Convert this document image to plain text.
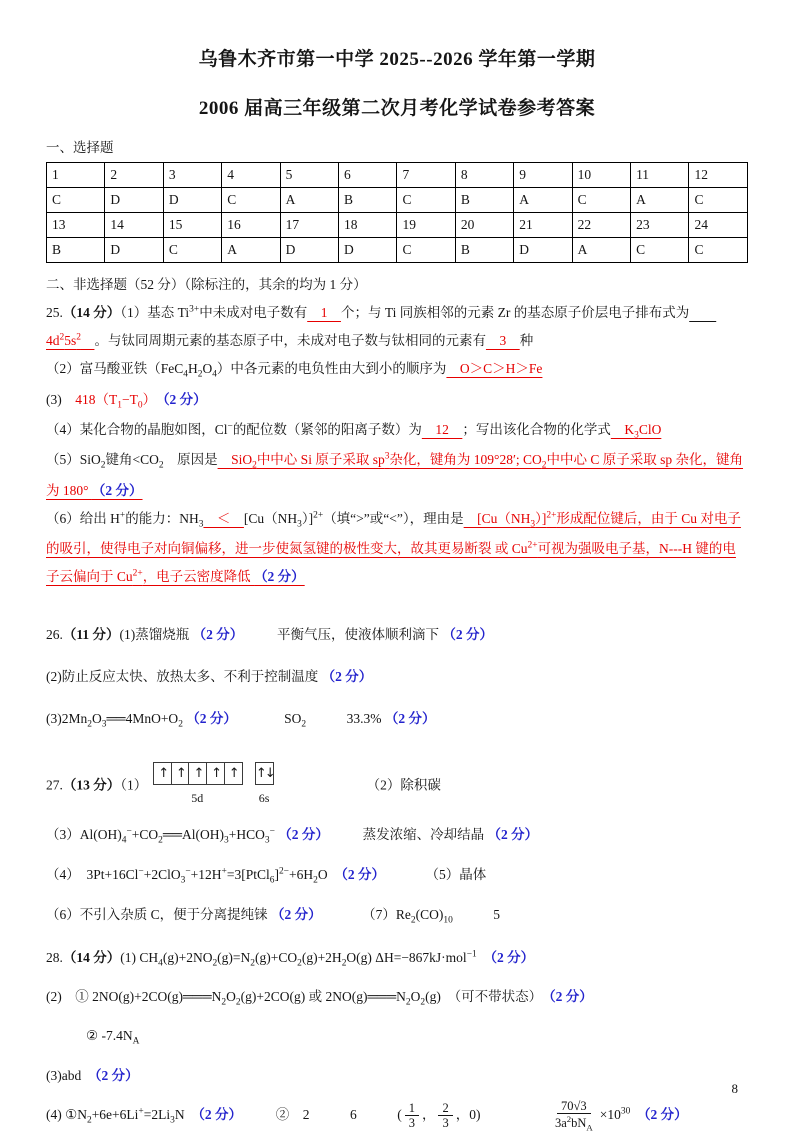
乌鲁木齐市第一中学 2025--2026 学年第一学期
2006 届高三年级第二次月考化学试卷参考答案

一、选择题

1	2	3	4	5	6	7	8	9	10	11	12
C	D	D	C	A	B	C	B	A	C	A	C
13	14	15	16	17	18	19	20	21	22	23	24
B	D	C	A	D	D	C	B	D	A	C	C

二、非选择题（52 分）（除标注的，其余的均为 1 分）

25.（14 分）（1）基态 $Ti^{3+}$中未成对电子数有　1　个；与 Ti 同族相邻的元素 Zr 的基态原子价层电子排布式为　　

$4d^25s^2$　 。与钛同周期元素的基态原子中，未成对电子数与钛相同的元素有　3　种

（2）富马酸亚铁$(FeC_4H_2O_4)$中各元素的电负性由大到小的顺序为　O＞C＞H＞Fe

(3)　$418(T_1-T_0)$　 （2 分）

（4）某化合物的晶胞如图，Cl−的配位数（紧邻的阳离子数）为　12　；写出该化合物的化学式　$K_3ClO$

（5）SiO$_2$键角$<CO_2$　原因是　SiO$_2$中中心 Si 原子采取 $sp^3$杂化，键角为 109°28′; $CO_2$中中心 C 原子采取 sp 杂化，键角为 180° （2 分）

（6）给出 H+的能力：$NH_3$　＜　$[Cu(NH_3)]^{2+}$（填“>”或“<”），理由是　$[Cu(NH_3)]^{2+}$形成配位键后，由于 Cu 对电子的吸引，使得电子对向铜偏移，进一步使氮氢键的极性变大，故其更易断裂 或 $Cu^{2+}$可视为强吸电子基，N---H 键的电子云偏向于 $Cu^{2+}$，电子云密度降低 （2 分）

26.（11 分）(1)蒸馏烧瓶 （2 分）　　　平衡气压，使液体顺利滴下 （2 分）

(2)防止反应太快、放热太多、不利于控制温度 （2 分）

$(3)2Mn_2O_3══4MnO+O_2$ （2 分）　　　　$SO_2$　　　33.3% （2 分）

27.（13 分）（1）
↑ ↑ ↑ ↑ ↑
5d
↑↓
6s
　　　　　　　（2）除积碳

$(3)Al(OH)_4^-+CO_2══Al(OH)_3+HCO_3^-$ （2 分）　　　蒸发浓缩、冷却结晶 （2 分）

（4）　$3Pt+16Cl^-+2ClO_3^-+12H^+=3[PtCl_6]^{2-}+6H_2O$　（2 分）　　　　（5）晶体

（6）不引入杂质 C，便于分离提纯铼 （2 分）　　　　$(7)Re_2(CO)_{10}$　　　5

28.（14 分）(1) $CH_4(g)+2NO_2(g)=N_2(g)+CO_2(g)+2H_2O(g)$ ΔH=−867kJ·mol$^{-1}$　 （2 分）

(2)　① $2NO(g)+2CO(g)═══N_2O_2(g)+2CO(g)$ 或 $2NO(g)═══N_2O_2(g)$　（可不带状态）　（2 分）

② $-7.4N_A$

(3)abd　（2 分）

(4) $①N_2+6e+6Li^+=2Li_3N$　（2 分）　　　②　2　　　6　　　( $\frac{1}{3}$ ， $\frac{2}{3}$ ，0)　　　　　 $\frac{70√3}{3a^2bN_A} \times 10^{30}$　 （2 分）

8
